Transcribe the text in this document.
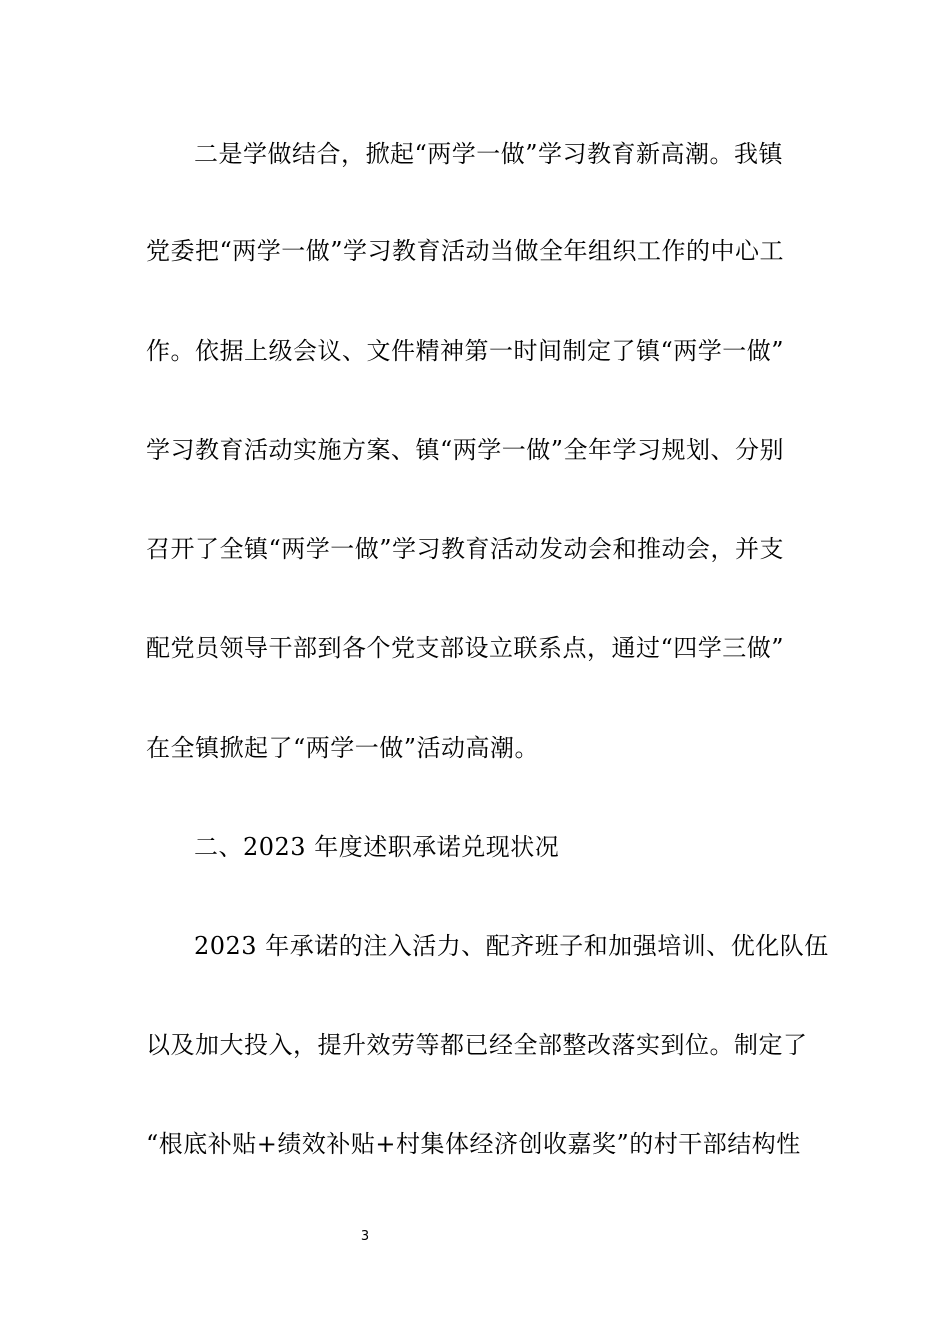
二是学做结合，掀起“两学一做”学习教育新高潮。我镇
党委把“两学一做”学习教育活动当做全年组织工作的中心工
作。依据上级会议、文件精神第一时间制定了镇“两学一做”
学习教育活动实施方案、镇“两学一做”全年学习规划、分别
召开了全镇“两学一做”学习教育活动发动会和推动会，并支
配党员领导干部到各个党支部设立联系点，通过“四学三做”
在全镇掀起了“两学一做”活动高潮。
二、2023 年度述职承诺兑现状况
2023 年承诺的注入活力、配齐班子和加强培训、优化队伍
以及加大投入，提升效劳等都已经全部整改落实到位。制定了
“根底补贴+绩效补贴+村集体经济创收嘉奖”的村干部结构性
3
